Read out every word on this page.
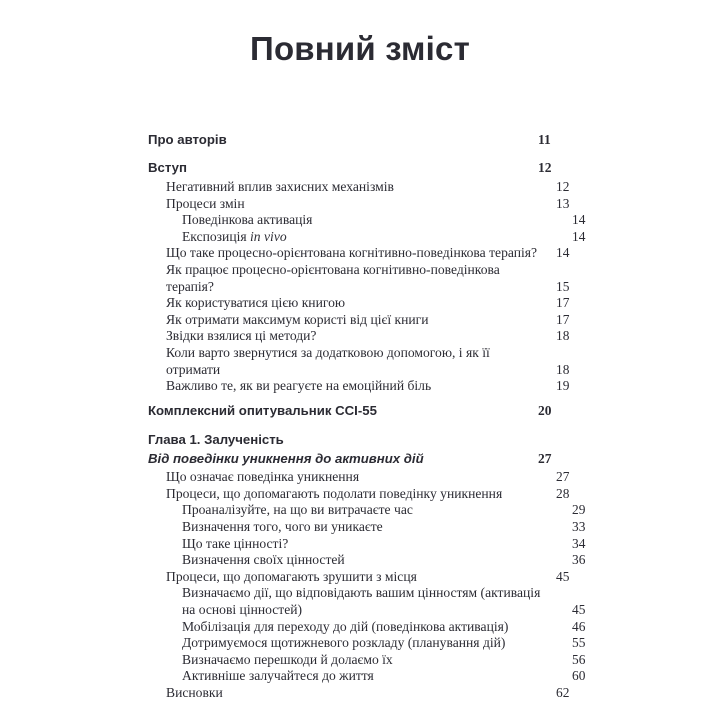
Повний зміст
Про авторів	11
Вступ	12
Негативний вплив захисних механізмів	12
Процеси змін	13
Поведінкова активація	14
Експозиція in vivo	14
Що таке процесно-орієнтована когнітивно-поведінкова терапія? 14
Як працює процесно-орієнтована когнітивно-поведінкова терапія?	15
Як користуватися цією книгою	17
Як отримати максимум користі від цієї книги	17
Звідки взялися ці методи?	18
Коли варто звернутися за додатковою допомогою, і як її отримати	18
Важливо те, як ви реагуєте на емоційний біль	19
Комплексний опитувальник CCI-55	20
Глава 1. Залученість
Від поведінки уникнення до активних дій	27
Що означає поведінка уникнення	27
Процеси, що допомагають подолати поведінку уникнення	28
Проаналізуйте, на що ви витрачаєте час	29
Визначення того, чого ви уникаєте	33
Що таке цінності?	34
Визначення своїх цінностей	36
Процеси, що допомагають зрушити з місця	45
Визначаємо дії, що відповідають вашим цінностям (активація на основі цінностей)	45
Мобілізація для переходу до дій (поведінкова активація)	46
Дотримуємося щотижневого розкладу (планування дій)	55
Визначаємо перешкоди й долаємо їх	56
Активніше залучайтеся до життя	60
Висновки	62
